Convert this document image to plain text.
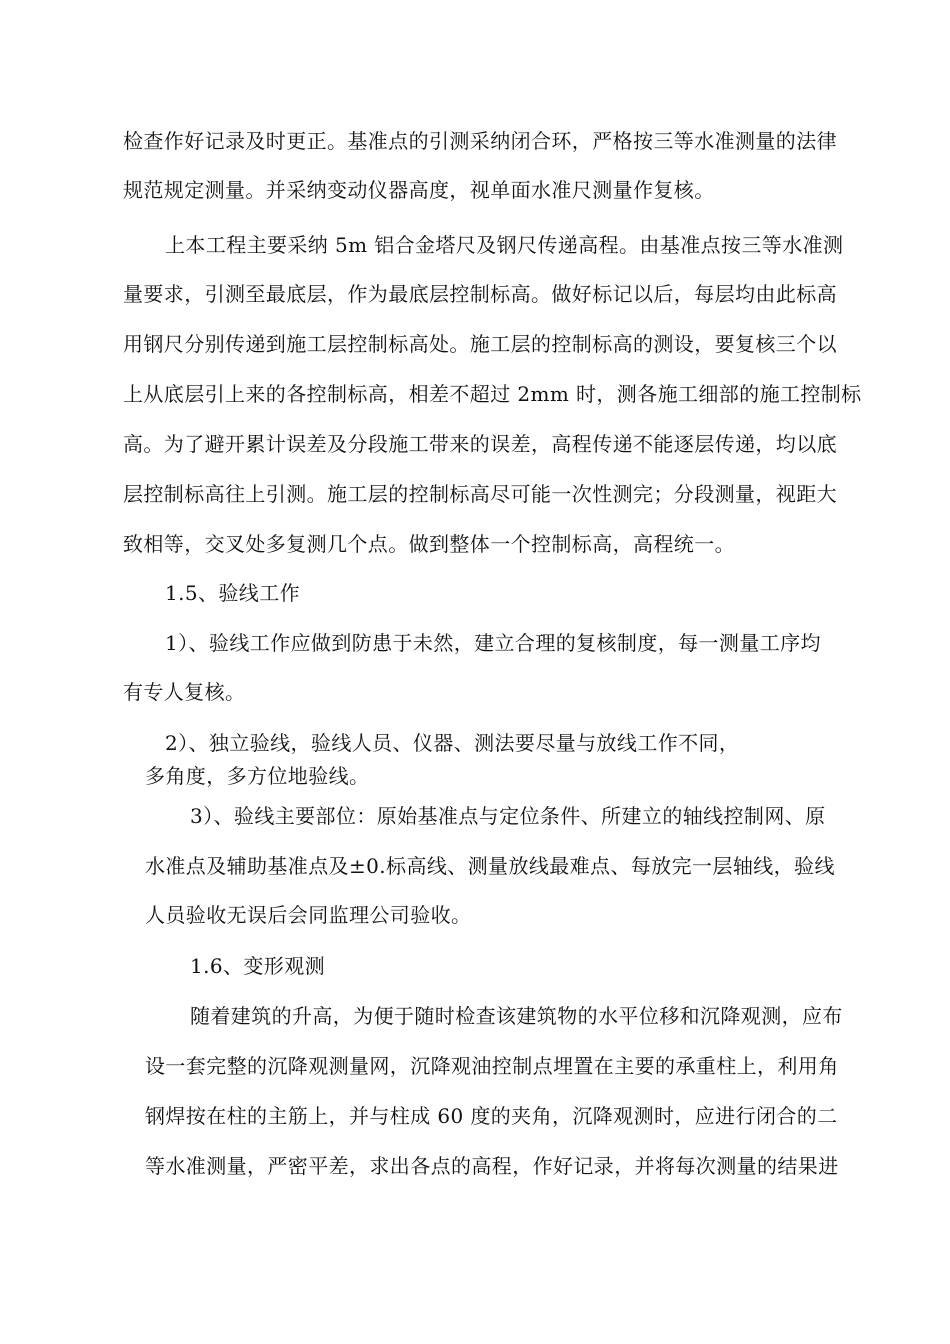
检查作好记录及时更正。基准点的引测采纳闭合环，严格按三等水准测量的法律
规范规定测量。并采纳变动仪器高度，视单面水准尺测量作复核。
上本工程主要采纳 5m 铝合金塔尺及钢尺传递高程。由基准点按三等水准测
量要求，引测至最底层，作为最底层控制标高。做好标记以后，每层均由此标高
用钢尺分别传递到施工层控制标高处。施工层的控制标高的测设，要复核三个以
上从底层引上来的各控制标高，相差不超过 2mm 时，测各施工细部的施工控制标
高。为了避开累计误差及分段施工带来的误差，高程传递不能逐层传递，均以底
层控制标高往上引测。施工层的控制标高尽可能一次性测完；分段测量，视距大
致相等，交叉处多复测几个点。做到整体一个控制标高，高程统一。
1.5、验线工作
1）、验线工作应做到防患于未然，建立合理的复核制度，每一测量工序均
有专人复核。
2）、独立验线，验线人员、仪器、测法要尽量与放线工作不同，
多角度，多方位地验线。
3）、验线主要部位：原始基准点与定位条件、所建立的轴线控制网、原
水准点及辅助基准点及±0.标高线、测量放线最难点、每放完一层轴线，验线
人员验收无误后会同监理公司验收。
1.6、变形观测
随着建筑的升高，为便于随时检查该建筑物的水平位移和沉降观测，应布
设一套完整的沉降观测量网，沉降观油控制点埋置在主要的承重柱上，利用角
钢焊按在柱的主筋上，并与柱成 60 度的夹角，沉降观测时，应进行闭合的二
等水准测量，严密平差，求出各点的高程，作好记录，并将每次测量的结果进
